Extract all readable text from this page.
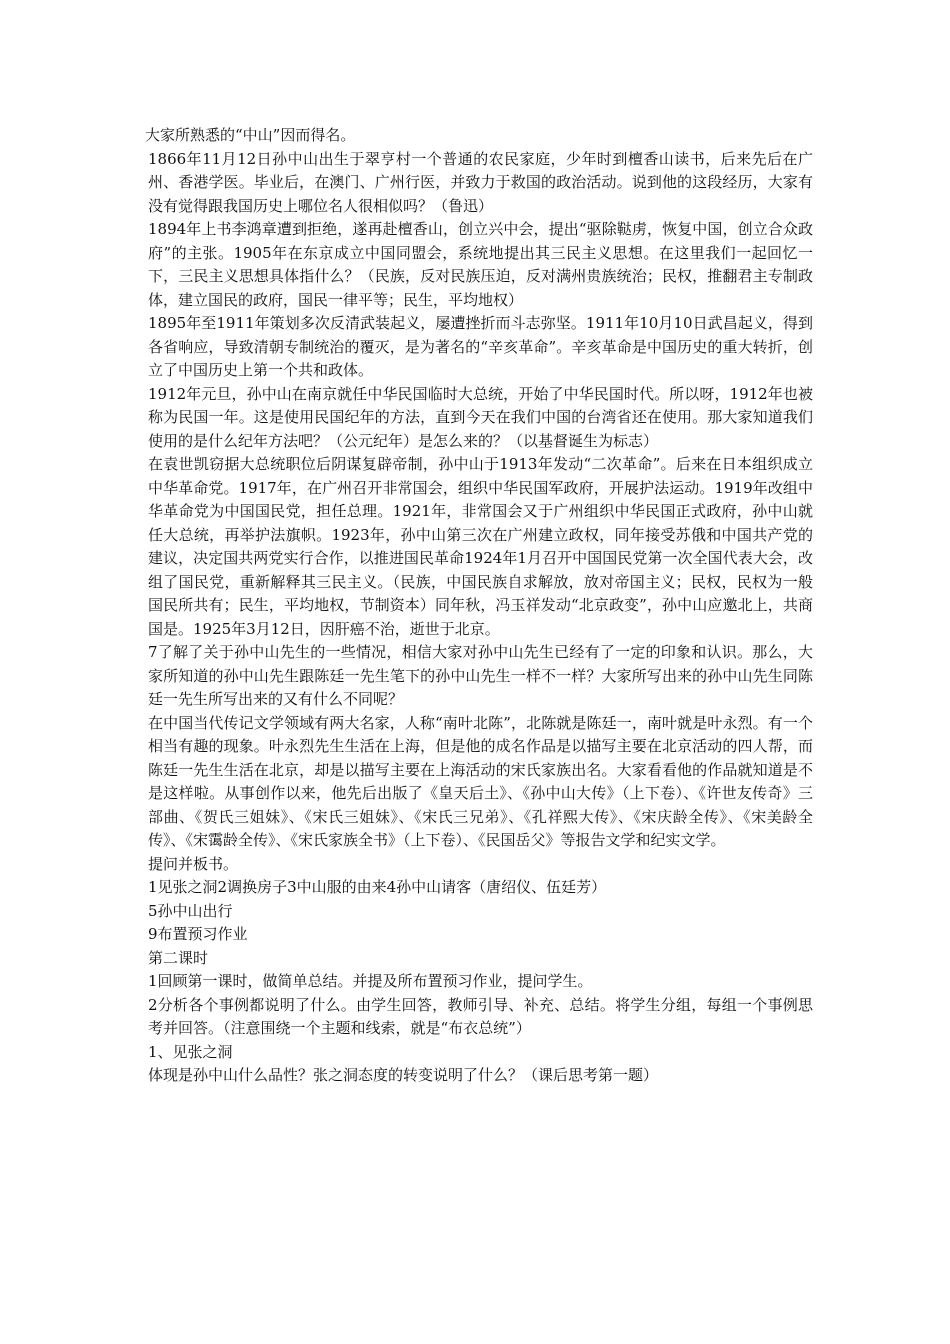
大家所熟悉的“中山”因而得名。

1866年11月12日孙中山出生于翠亨村一个普通的农民家庭，少年时到檀香山读书，后来先后在广州、香港学医。毕业后，在澳门、广州行医，并致力于救国的政治活动。说到他的这段经历，大家有没有觉得跟我国历史上哪位名人很相似吗？（鲁迅）

1894年上书李鸿章遭到拒绝，遂再赴檀香山，创立兴中会，提出“驱除鞑虏，恢复中国，创立合众政府”的主张。1905年在东京成立中国同盟会，系统地提出其三民主义思想。在这里我们一起回忆一下，三民主义思想具体指什么？（民族，反对民族压迫，反对满州贵族统治；民权，推翻君主专制政体，建立国民的政府，国民一律平等；民生，平均地权）

1895年至1911年策划多次反清武装起义，屡遭挫折而斗志弥坚。1911年10月10日武昌起义，得到各省响应，导致清朝专制统治的覆灭，是为著名的“辛亥革命”。辛亥革命是中国历史的重大转折，创立了中国历史上第一个共和政体。

1912年元旦，孙中山在南京就任中华民国临时大总统，开始了中华民国时代。所以呀，1912年也被称为民国一年。这是使用民国纪年的方法，直到今天在我们中国的台湾省还在使用。那大家知道我们使用的是什么纪年方法吧？（公元纪年）是怎么来的？（以基督诞生为标志）

在袁世凯窃据大总统职位后阴谋复辟帝制，孙中山于1913年发动“二次革命”。后来在日本组织成立中华革命党。1917年，在广州召开非常国会，组织中华民国军政府，开展护法运动。1919年改组中华革命党为中国国民党，担任总理。1921年，非常国会又于广州组织中华民国正式政府，孙中山就任大总统，再举护法旗帜。1923年，孙中山第三次在广州建立政权，同年接受苏俄和中国共产党的建议，决定国共两党实行合作，以推进国民革命1924年1月召开中国国民党第一次全国代表大会，改组了国民党，重新解释其三民主义。（民族，中国民族自求解放，放对帝国主义；民权，民权为一般国民所共有；民生，平均地权，节制资本）同年秋，冯玉祥发动“北京政变”，孙中山应邀北上，共商国是。1925年3月12日，因肝癌不治，逝世于北京。

7了解了关于孙中山先生的一些情况，相信大家对孙中山先生已经有了一定的印象和认识。那么，大家所知道的孙中山先生跟陈廷一先生笔下的孙中山先生一样不一样？大家所写出来的孙中山先生同陈廷一先生所写出来的又有什么不同呢？

在中国当代传记文学领域有两大名家，人称“南叶北陈”，北陈就是陈廷一，南叶就是叶永烈。有一个相当有趣的现象。叶永烈先生生活在上海，但是他的成名作品是以描写主要在北京活动的四人帮，而陈廷一先生生活在北京，却是以描写主要在上海活动的宋氏家族出名。大家看看他的作品就知道是不是这样啦。从事创作以来，他先后出版了《皇天后土》、《孙中山大传》（上下卷）、《许世友传奇》三部曲、《贺氏三姐妹》、《宋氏三姐妹》、《宋氏三兄弟》、《孔祥熙大传》、《宋庆龄全传》、《宋美龄全传》、《宋霭龄全传》、《宋氏家族全书》（上下卷）、《民国岳父》等报告文学和纪实文学。

提问并板书。

1见张之洞2调换房子3中山服的由来4孙中山请客（唐绍仪、伍廷芳）

5孙中山出行

9布置预习作业

第二课时

1回顾第一课时，做简单总结。并提及所布置预习作业，提问学生。

2分析各个事例都说明了什么。由学生回答，教师引导、补充、总结。将学生分组，每组一个事例思考并回答。（注意围绕一个主题和线索，就是“布衣总统”）

1、见张之洞

体现是孙中山什么品性？张之洞态度的转变说明了什么？（课后思考第一题）
